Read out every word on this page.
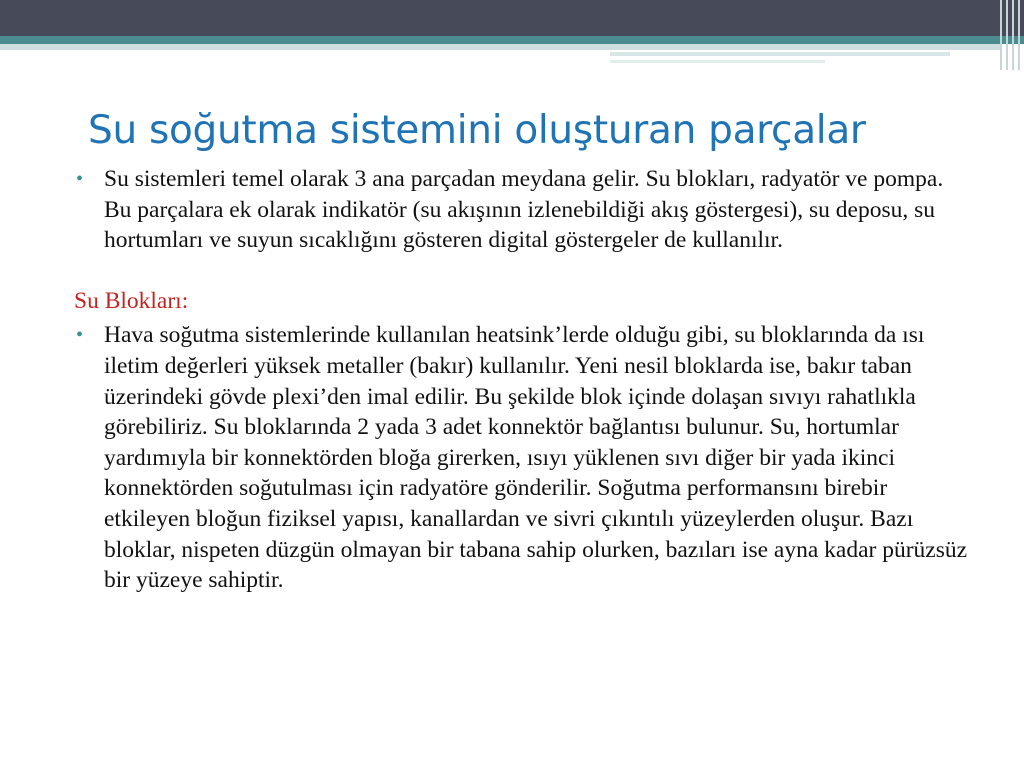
Su soğutma sistemini oluşturan parçalar

• Su sistemleri temel olarak 3 ana parçadan meydana gelir. Su blokları, radyatör ve pompa. Bu parçalara ek olarak indikatör (su akışının izlenebildiği akış göstergesi), su deposu, su hortumları ve suyun sıcaklığını gösteren digital göstergeler de kullanılır.

Su Blokları:

• Hava soğutma sistemlerinde kullanılan heatsink’lerde olduğu gibi, su bloklarında da ısı iletim değerleri yüksek metaller (bakır) kullanılır. Yeni nesil bloklarda ise, bakır taban üzerindeki gövde plexi’den imal edilir. Bu şekilde blok içinde dolaşan sıvıyı rahatlıkla görebiliriz. Su bloklarında 2 yada 3 adet konnektör bağlantısı bulunur. Su, hortumlar yardımıyla bir konnektörden bloğa girerken, ısıyı yüklenen sıvı diğer bir yada ikinci konnektörden soğutulması için radyatöre gönderilir. Soğutma performansını birebir etkileyen bloğun fiziksel yapısı, kanallardan ve sivri çıkıntılı yüzeylerden oluşur. Bazı bloklar, nispeten düzgün olmayan bir tabana sahip olurken, bazıları ise ayna kadar pürüzsüz bir yüzeye sahiptir.
